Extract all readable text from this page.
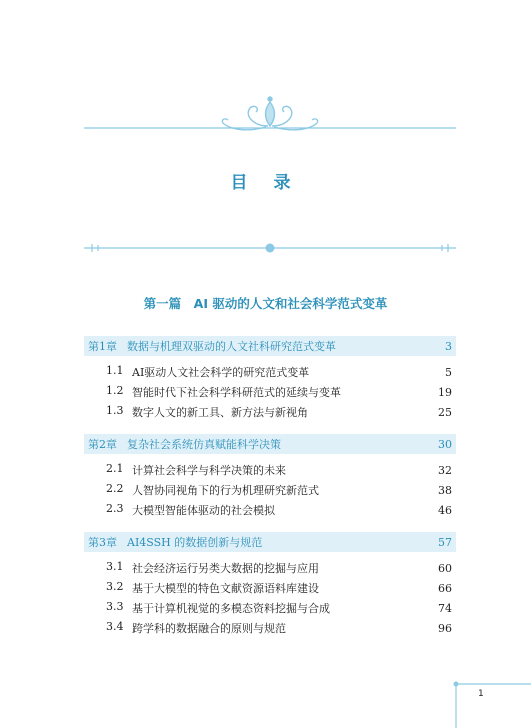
目 录
第一篇　AI 驱动的人文和社会科学范式变革
第1章 数据与机理双驱动的人文社科研究范式变革	3
1.1 AI驱动人文社会科学的研究范式变革	5
1.2 智能时代下社会科学科研范式的延续与变革	19
1.3 数字人文的新工具、新方法与新视角	25
第2章 复杂社会系统仿真赋能科学决策	30
2.1 计算社会科学与科学决策的未来	32
2.2 人智协同视角下的行为机理研究新范式	38
2.3 大模型智能体驱动的社会模拟	46
第3章 AI4SSH 的数据创新与规范	57
3.1 社会经济运行另类大数据的挖掘与应用	60
3.2 基于大模型的特色文献资源语料库建设	66
3.3 基于计算机视觉的多模态资料挖掘与合成	74
3.4 跨学科的数据融合的原则与规范	96
1
